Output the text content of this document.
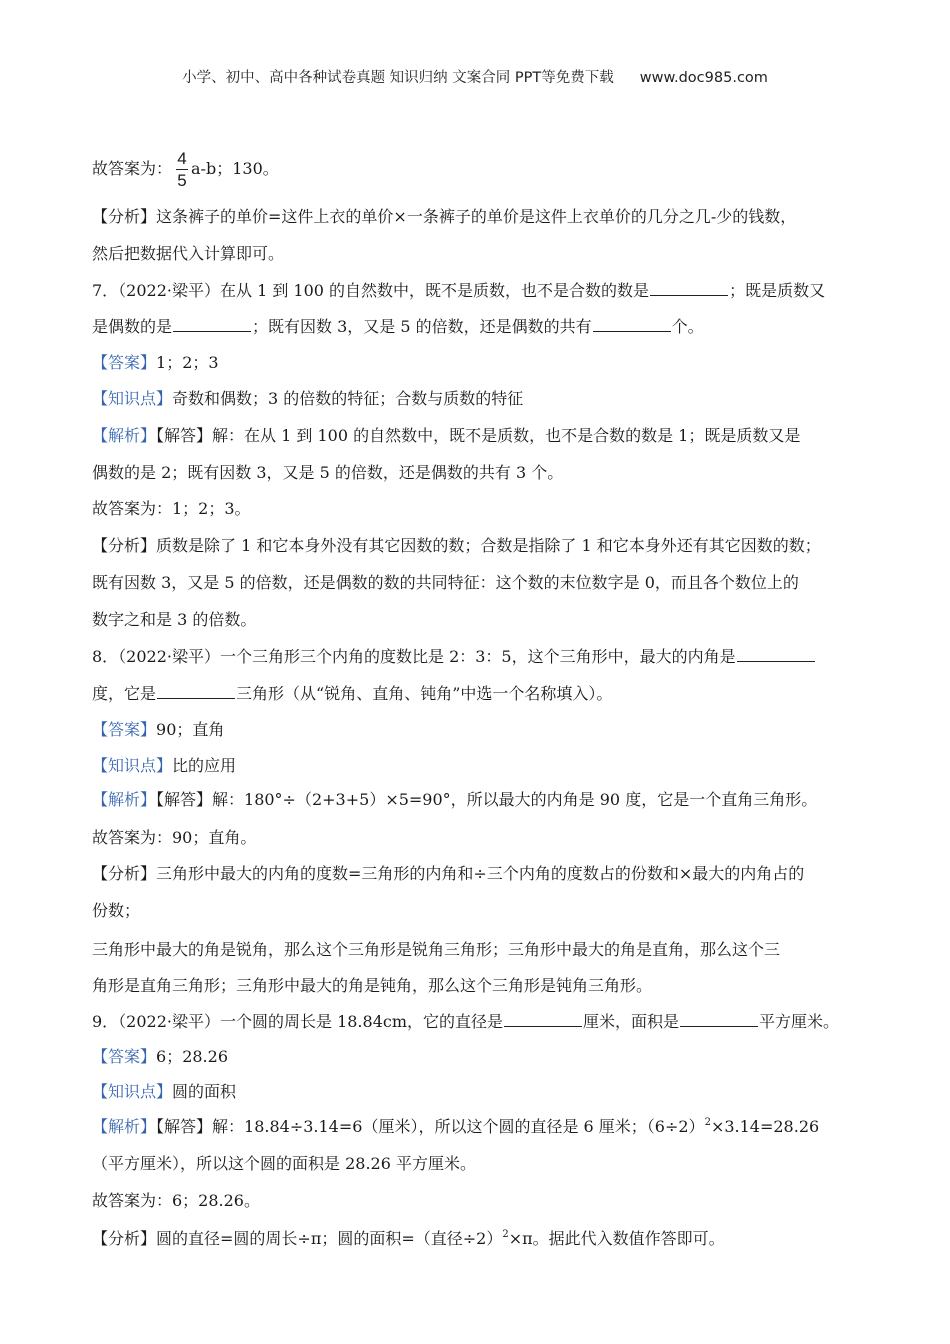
小学、初中、高中各种试卷真题 知识归纳 文案合同 PPT等免费下载 www.doc985.com
故答案为： $\frac{4}{5} a-b$；130。
【分析】这条裤子的单价=这件上衣的单价×一条裤子的单价是这件上衣单价的几分之几-少的钱数，
然后把数据代入计算即可。
7．（2022·梁平）在从 1 到 100 的自然数中，既不是质数，也不是合数的数是	；既是质数又
是偶数的是	；既有因数 3，又是 5 的倍数，还是偶数的共有	个。
【答案】1；2；3
【知识点】奇数和偶数；3 的倍数的特征；合数与质数的特征
【解析】【解答】解：在从 1 到 100 的自然数中，既不是质数，也不是合数的数是 1；既是质数又是
偶数的是 2；既有因数 3，又是 5 的倍数，还是偶数的共有 3 个。
故答案为：1；2；3。
【分析】质数是除了 1 和它本身外没有其它因数的数；合数是指除了 1 和它本身外还有其它因数的数；
既有因数 3，又是 5 的倍数，还是偶数的数的共同特征：这个数的末位数字是 0，而且各个数位上的
数字之和是 3 的倍数。
8．（2022·梁平）一个三角形三个内角的度数比是 2：3：5，这个三角形中，最大的内角是
度，它是	三角形（从“锐角、直角、钝角”中选一个名称填入）。
【答案】90；直角
【知识点】比的应用
【解析】【解答】解：180°÷（2+3+5）×5=90°，所以最大的内角是 90 度，它是一个直角三角形。
故答案为：90；直角。
【分析】三角形中最大的内角的度数=三角形的内角和÷三个内角的度数占的份数和×最大的内角占的
份数；
三角形中最大的角是锐角，那么这个三角形是锐角三角形；三角形中最大的角是直角，那么这个三
角形是直角三角形；三角形中最大的角是钝角，那么这个三角形是钝角三角形。
9．（2022·梁平）一个圆的周长是 18.84cm，它的直径是	厘米，面积是	平方厘米。
【答案】6；28.26
【知识点】圆的面积
【解析】【解答】解：18.84÷3.14=6（厘米），所以这个圆的直径是 6 厘米；$(6\div 2)^2\times 3.14=28.26$
（平方厘米），所以这个圆的面积是 28.26 平方厘米。
故答案为：6；28.26。
【分析】圆的直径=圆的周长÷π；圆的面积=（直径÷2）$^2$×π。据此代入数值作答即可。
